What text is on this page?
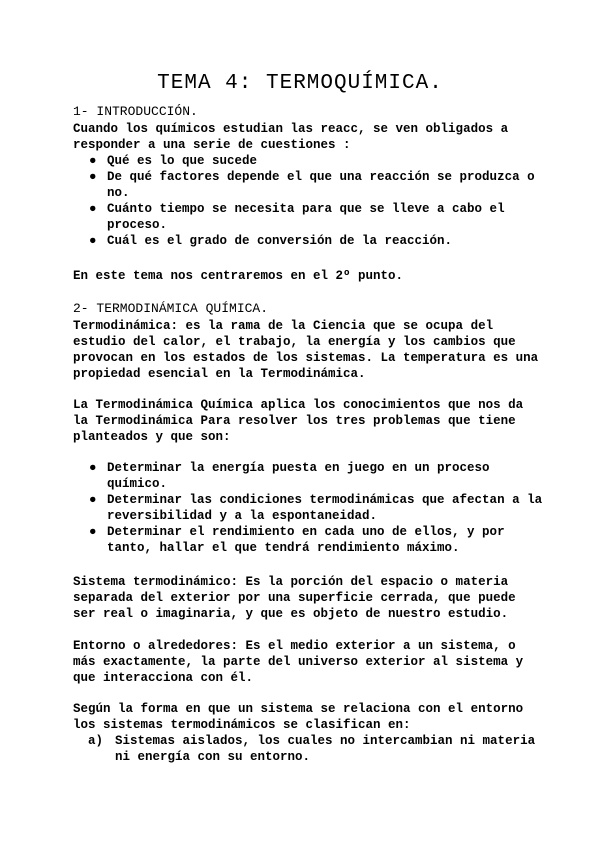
TEMA 4: TERMOQUÍMICA.
1- INTRODUCCIÓN.
Cuando los químicos estudian las reacc, se ven obligados a
responder a una serie de cuestiones :
● Qué es lo que sucede
● De qué factores depende el que una reacción se produzca o no.
● Cuánto tiempo se necesita para que se lleve a cabo el proceso.
● Cuál es el grado de conversión de la reacción.
En este tema nos centraremos en el 2º punto.
2- TERMODINÁMICA QUÍMICA.
Termodinámica: es la rama de la Ciencia que se ocupa del
estudio del calor, el trabajo, la energía y los cambios que
provocan en los estados de los sistemas. La temperatura es una
propiedad esencial en la Termodinámica.
La Termodinámica Química aplica los conocimientos que nos da
la Termodinámica Para resolver los tres problemas que tiene
planteados y que son:
● Determinar la energía puesta en juego en un proceso químico.
● Determinar las condiciones termodinámicas que afectan a la reversibilidad y a la espontaneidad.
● Determinar el rendimiento en cada uno de ellos, y por tanto, hallar el que tendrá rendimiento máximo.
Sistema termodinámico: Es la porción del espacio o materia
separada del exterior por una superficie cerrada, que puede
ser real o imaginaria, y que es objeto de nuestro estudio.
Entorno o alrededores: Es el medio exterior a un sistema, o
más exactamente, la parte del universo exterior al sistema y
que interacciona con él.
Según la forma en que un sistema se relaciona con el entorno
los sistemas termodinámicos se clasifican en:
a) Sistemas aislados, los cuales no intercambian ni materia ni energía con su entorno.
